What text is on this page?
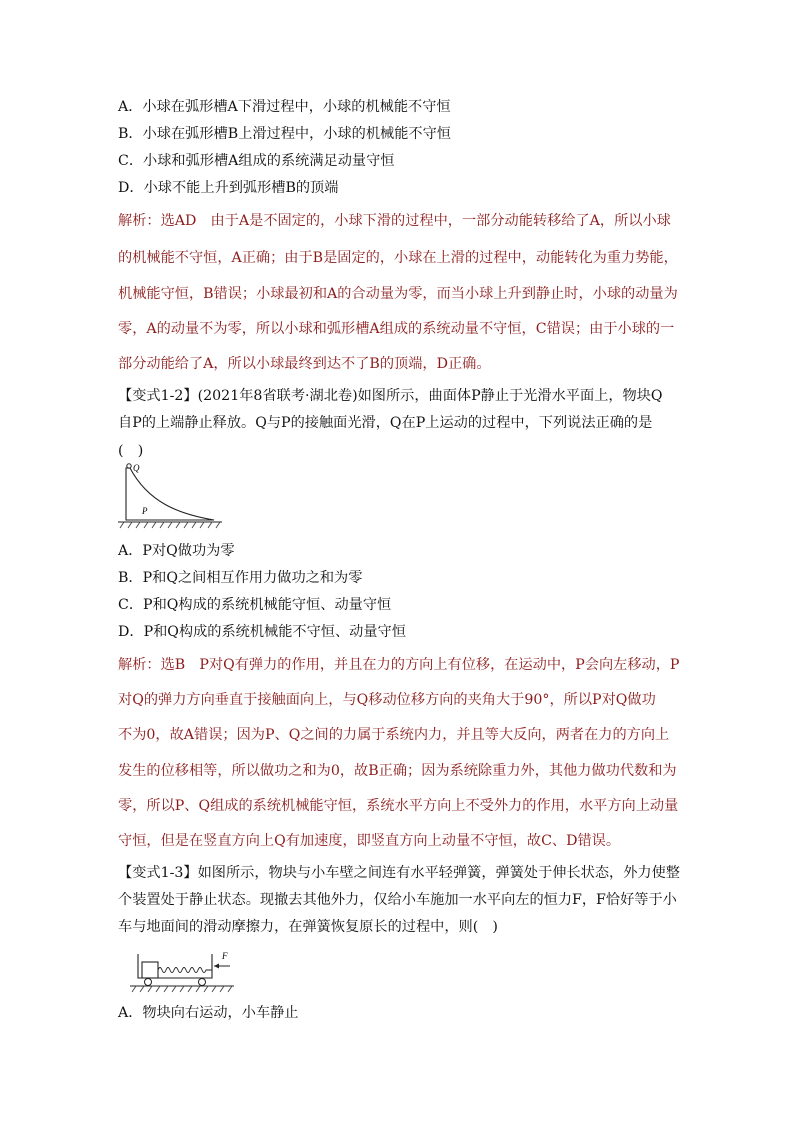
A．小球在弧形槽A下滑过程中，小球的机械能不守恒
B．小球在弧形槽B上滑过程中，小球的机械能不守恒
C．小球和弧形槽A组成的系统满足动量守恒
D．小球不能上升到弧形槽B的顶端
解析：选AD　由于A是不固定的，小球下滑的过程中，一部分动能转移给了A，所以小球
的机械能不守恒，A正确；由于B是固定的，小球在上滑的过程中，动能转化为重力势能，
机械能守恒，B错误；小球最初和A的合动量为零，而当小球上升到静止时，小球的动量为
零，A的动量不为零，所以小球和弧形槽A组成的系统动量不守恒，C错误；由于小球的一
部分动能给了A，所以小球最终到达不了B的顶端，D正确。
【变式1-2】(2021年8省联考·湖北卷)如图所示，曲面体P静止于光滑水平面上，物块Q
自P的上端静止释放。Q与P的接触面光滑，Q在P上运动的过程中，下列说法正确的是
(　)
Q
P
A．P对Q做功为零
B．P和Q之间相互作用力做功之和为零
C．P和Q构成的系统机械能守恒、动量守恒
D．P和Q构成的系统机械能不守恒、动量守恒
解析：选B　P对Q有弹力的作用，并且在力的方向上有位移，在运动中，P会向左移动，P
对Q的弹力方向垂直于接触面向上，与Q移动位移方向的夹角大于90°，所以P对Q做功
不为0，故A错误；因为P、Q之间的力属于系统内力，并且等大反向，两者在力的方向上
发生的位移相等，所以做功之和为0，故B正确；因为系统除重力外，其他力做功代数和为
零，所以P、Q组成的系统机械能守恒，系统水平方向上不受外力的作用，水平方向上动量
守恒，但是在竖直方向上Q有加速度，即竖直方向上动量不守恒，故C、D错误。
【变式1-3】如图所示，物块与小车壁之间连有水平轻弹簧，弹簧处于伸长状态，外力使整
个装置处于静止状态。现撤去其他外力，仅给小车施加一水平向左的恒力F，F恰好等于小
车与地面间的滑动摩擦力，在弹簧恢复原长的过程中，则(　)
F
A．物块向右运动，小车静止
